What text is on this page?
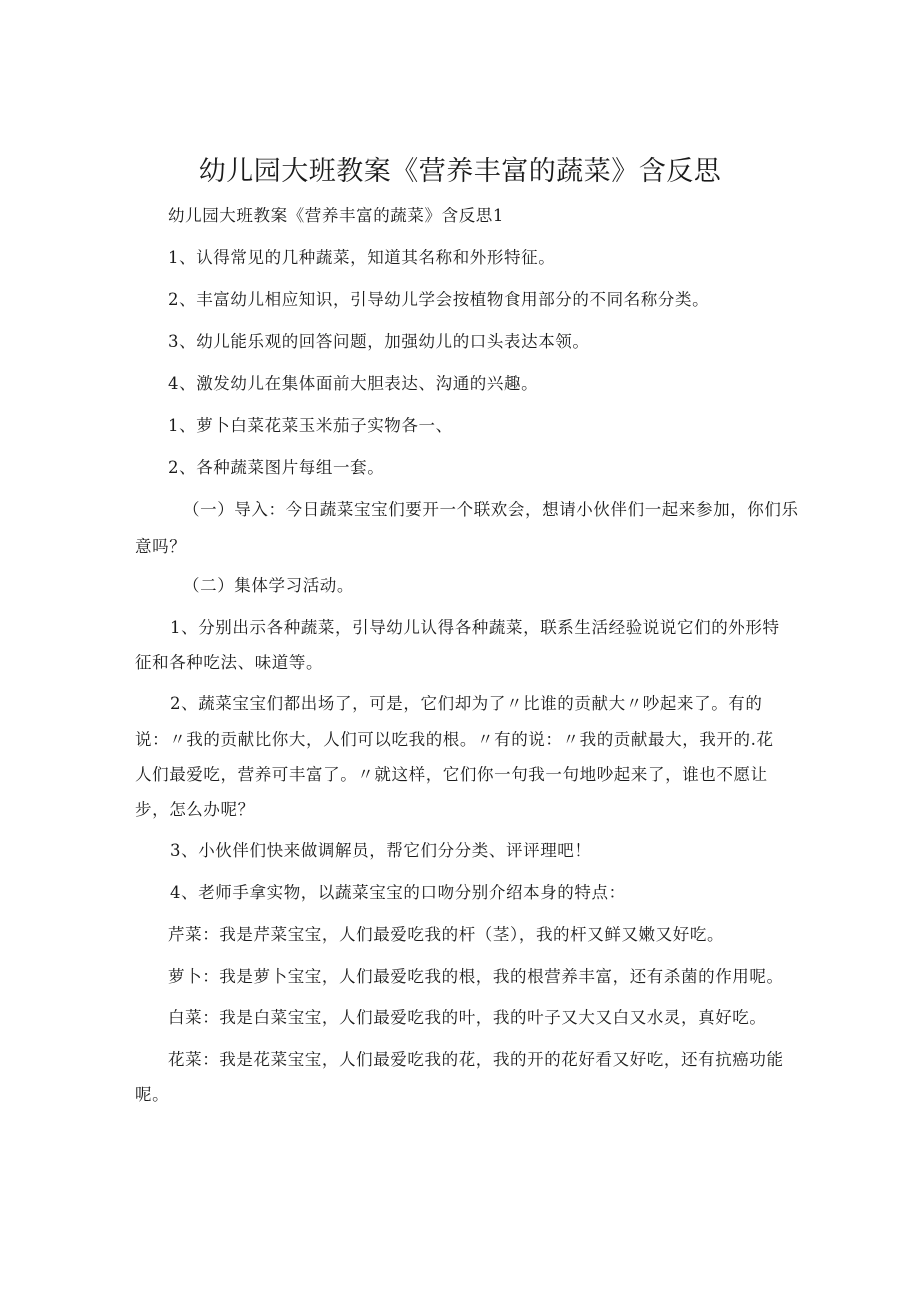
幼儿园大班教案《营养丰富的蔬菜》含反思
幼儿园大班教案《营养丰富的蔬菜》含反思1
1、认得常见的几种蔬菜，知道其名称和外形特征。
2、丰富幼儿相应知识，引导幼儿学会按植物食用部分的不同名称分类。
3、幼儿能乐观的回答问题，加强幼儿的口头表达本领。
4、激发幼儿在集体面前大胆表达、沟通的兴趣。
1、萝卜白菜花菜玉米茄子实物各一、
2、各种蔬菜图片每组一套。
（一）导入：今日蔬菜宝宝们要开一个联欢会，想请小伙伴们一起来参加，你们乐
意吗？
（二）集体学习活动。
1、分别出示各种蔬菜，引导幼儿认得各种蔬菜，联系生活经验说说它们的外形特
征和各种吃法、味道等。
2、蔬菜宝宝们都出场了，可是，它们却为了〃比谁的贡献大〃吵起来了。有的
说：〃我的贡献比你大，人们可以吃我的根。〃有的说：〃我的贡献最大，我开的.花
人们最爱吃，营养可丰富了。〃就这样，它们你一句我一句地吵起来了，谁也不愿让
步，怎么办呢？
3、小伙伴们快来做调解员，帮它们分分类、评评理吧！
4、老师手拿实物，以蔬菜宝宝的口吻分别介绍本身的特点：
芹菜：我是芹菜宝宝，人们最爱吃我的杆（茎），我的杆又鲜又嫩又好吃。
萝卜：我是萝卜宝宝，人们最爱吃我的根，我的根营养丰富，还有杀菌的作用呢。
白菜：我是白菜宝宝，人们最爱吃我的叶，我的叶子又大又白又水灵，真好吃。
花菜：我是花菜宝宝，人们最爱吃我的花，我的开的花好看又好吃，还有抗癌功能
呢。
